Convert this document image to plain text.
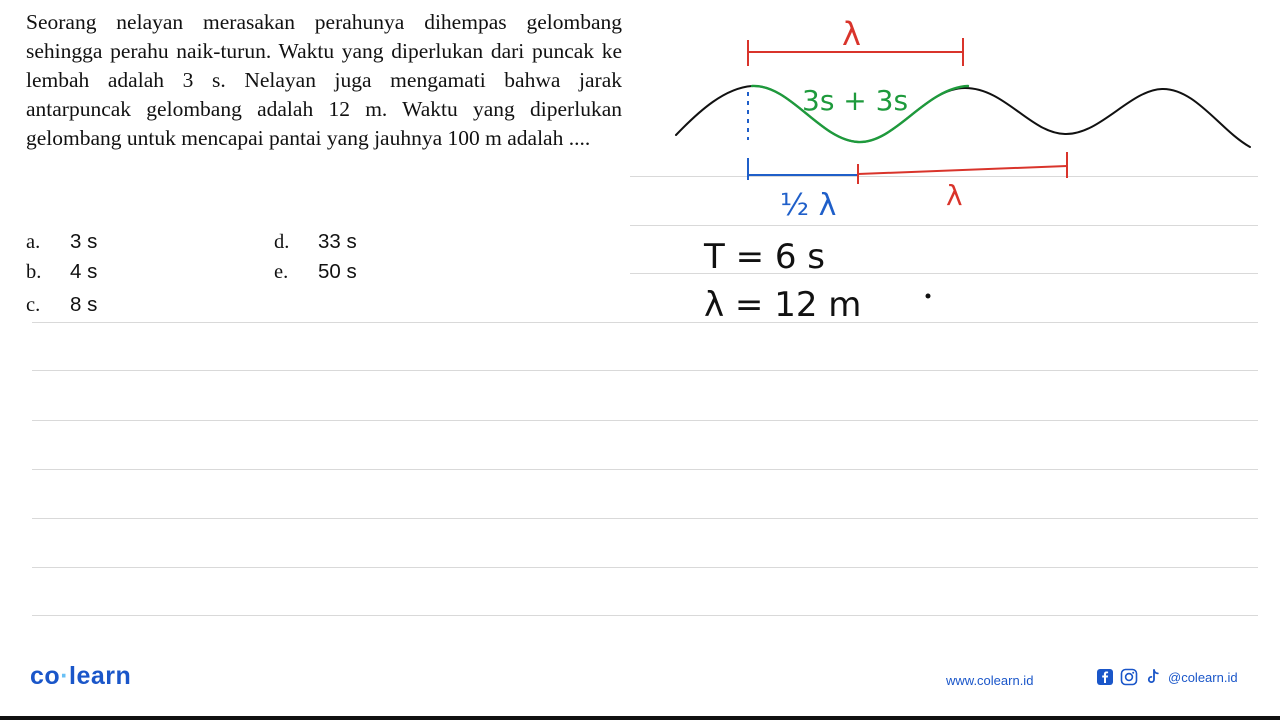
Seorang nelayan merasakan perahunya dihempas gelombang sehingga perahu naik-turun. Waktu yang diperlukan dari puncak ke lembah adalah 3 s. Nelayan juga mengamati bahwa jarak antarpuncak gelombang adalah 12 m. Waktu yang diperlukan gelombang untuk mencapai pantai yang jauhnya 100 m adalah ....
a. 3 s
b. 4 s
c. 8 s
d. 33 s
e. 50 s
λ
3s + 3s
½ λ	λ
T = 6 s
λ = 12 m
co·learn	www.colearn.id	@colearn.id
